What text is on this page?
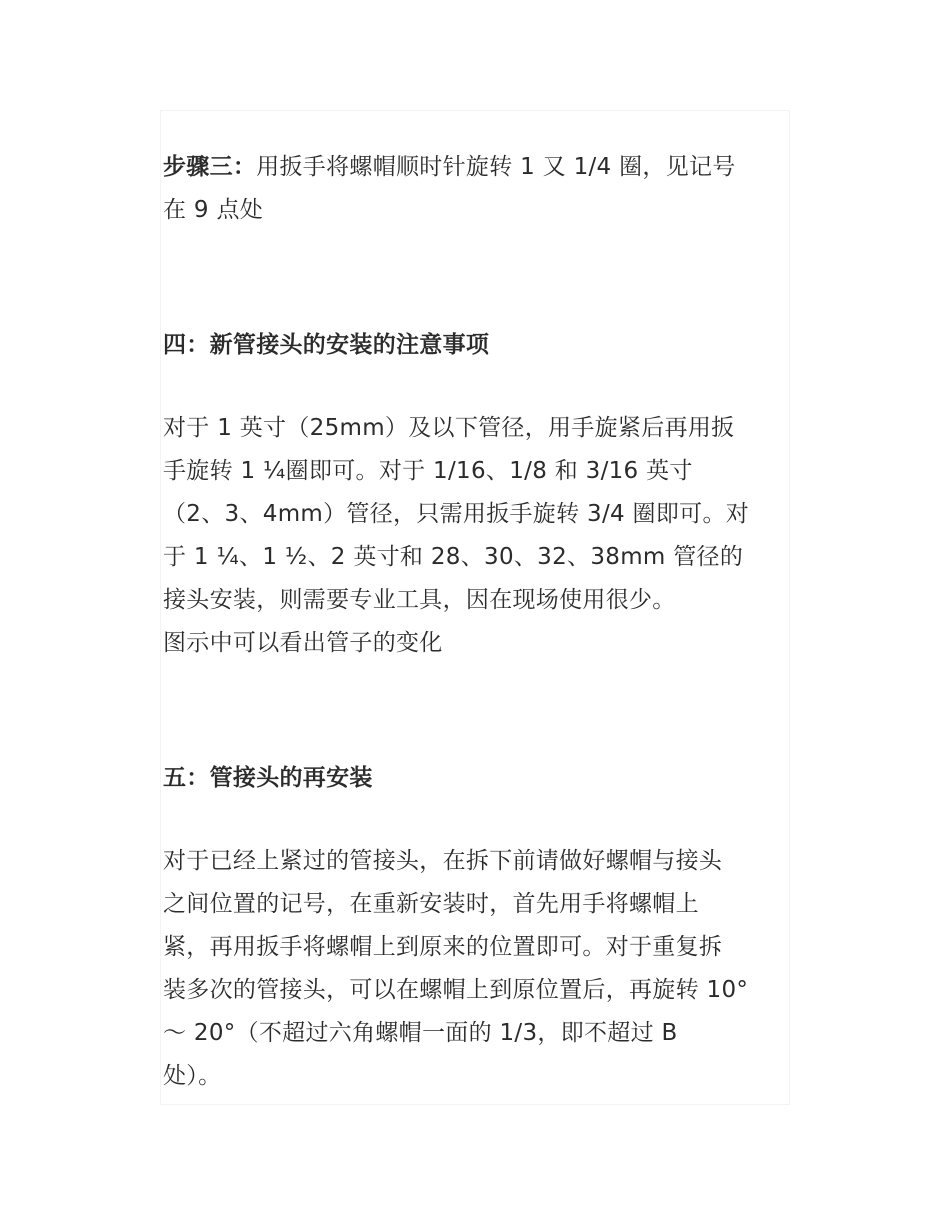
步骤三：用扳手将螺帽顺时针旋转 1 又 1/4 圈，见记号
在 9 点处

四：新管接头的安装的注意事项

对于 1 英寸（25mm）及以下管径，用手旋紧后再用扳
手旋转 1 ¼圈即可。对于 1/16、1/8 和 3/16 英寸
（2、3、4mm）管径，只需用扳手旋转 3/4 圈即可。对
于 1 ¼、1 ½、2 英寸和 28、30、32、38mm 管径的
接头安装，则需要专业工具，因在现场使用很少。
图示中可以看出管子的变化

五：管接头的再安装

对于已经上紧过的管接头，在拆下前请做好螺帽与接头
之间位置的记号，在重新安装时，首先用手将螺帽上
紧，再用扳手将螺帽上到原来的位置即可。对于重复拆
装多次的管接头，可以在螺帽上到原位置后，再旋转 10°
～ 20°（不超过六角螺帽一面的 1/3，即不超过 B
处）。
